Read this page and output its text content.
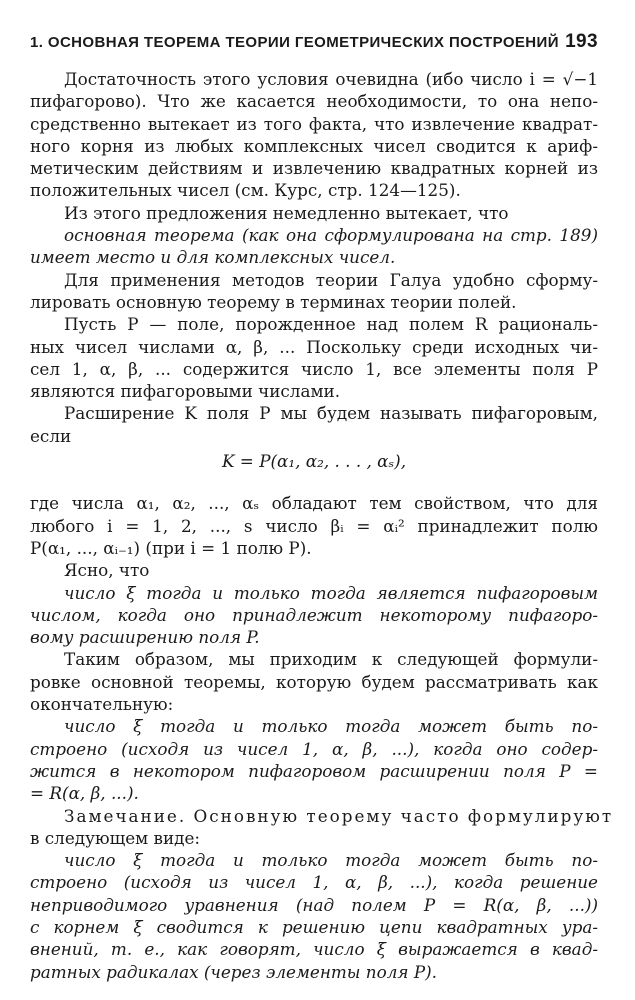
1. ОСНОВНАЯ ТЕОРЕМА ТЕОРИИ ГЕОМЕТРИЧЕСКИХ ПОСТРОЕНИЙ 193
Достаточность этого условия очевидна (ибо число i = √−1
пифагорово). Что же касается необходимости, то она непо-
средственно вытекает из того факта, что извлечение квадрат-
ного корня из любых комплексных чисел сводится к ариф-
метическим действиям и извлечению квадратных корней из
положительных чисел (см. Курс, стр. 124—125).
Из этого предложения немедленно вытекает, что
основная теорема (как она сформулирована на стр. 189)
имеет место и для комплексных чисел.
Для применения методов теории Галуа удобно сформу-
лировать основную теорему в терминах теории полей.
Пусть P — поле, порожденное над полем R рациональ-
ных чисел числами α, β, ... Поскольку среди исходных чи-
сел 1, α, β, ... содержится число 1, все элементы поля P
являются пифагоровыми числами.
Расширение K поля P мы будем называть пифагоровым,
если
K = P(α₁, α₂, . . . , αₛ),
где числа α₁, α₂, ..., αₛ обладают тем свойством, что для
любого i = 1, 2, ..., s число βᵢ = αᵢ² принадлежит полю
P(α₁, ..., αᵢ₋₁) (при i = 1 полю P).
Ясно, что
число ξ тогда и только тогда является пифагоровым
числом, когда оно принадлежит некоторому пифагоро-
вому расширению поля P.
Таким образом, мы приходим к следующей формули-
ровке основной теоремы, которую будем рассматривать как
окончательную:
число ξ тогда и только тогда может быть по-
строено (исходя из чисел 1, α, β, ...), когда оно содер-
жится в некотором пифагоровом расширении поля P =
= R(α, β, ...).
Замечание. Основную теорему часто формулируют
в следующем виде:
число ξ тогда и только тогда может быть по-
строено (исходя из чисел 1, α, β, ...), когда решение
неприводимого уравнения (над полем P = R(α, β, ...))
с корнем ξ сводится к решению цепи квадратных ура-
внений, т. е., как говорят, число ξ выражается в квад-
ратных радикалах (через элементы поля P).
